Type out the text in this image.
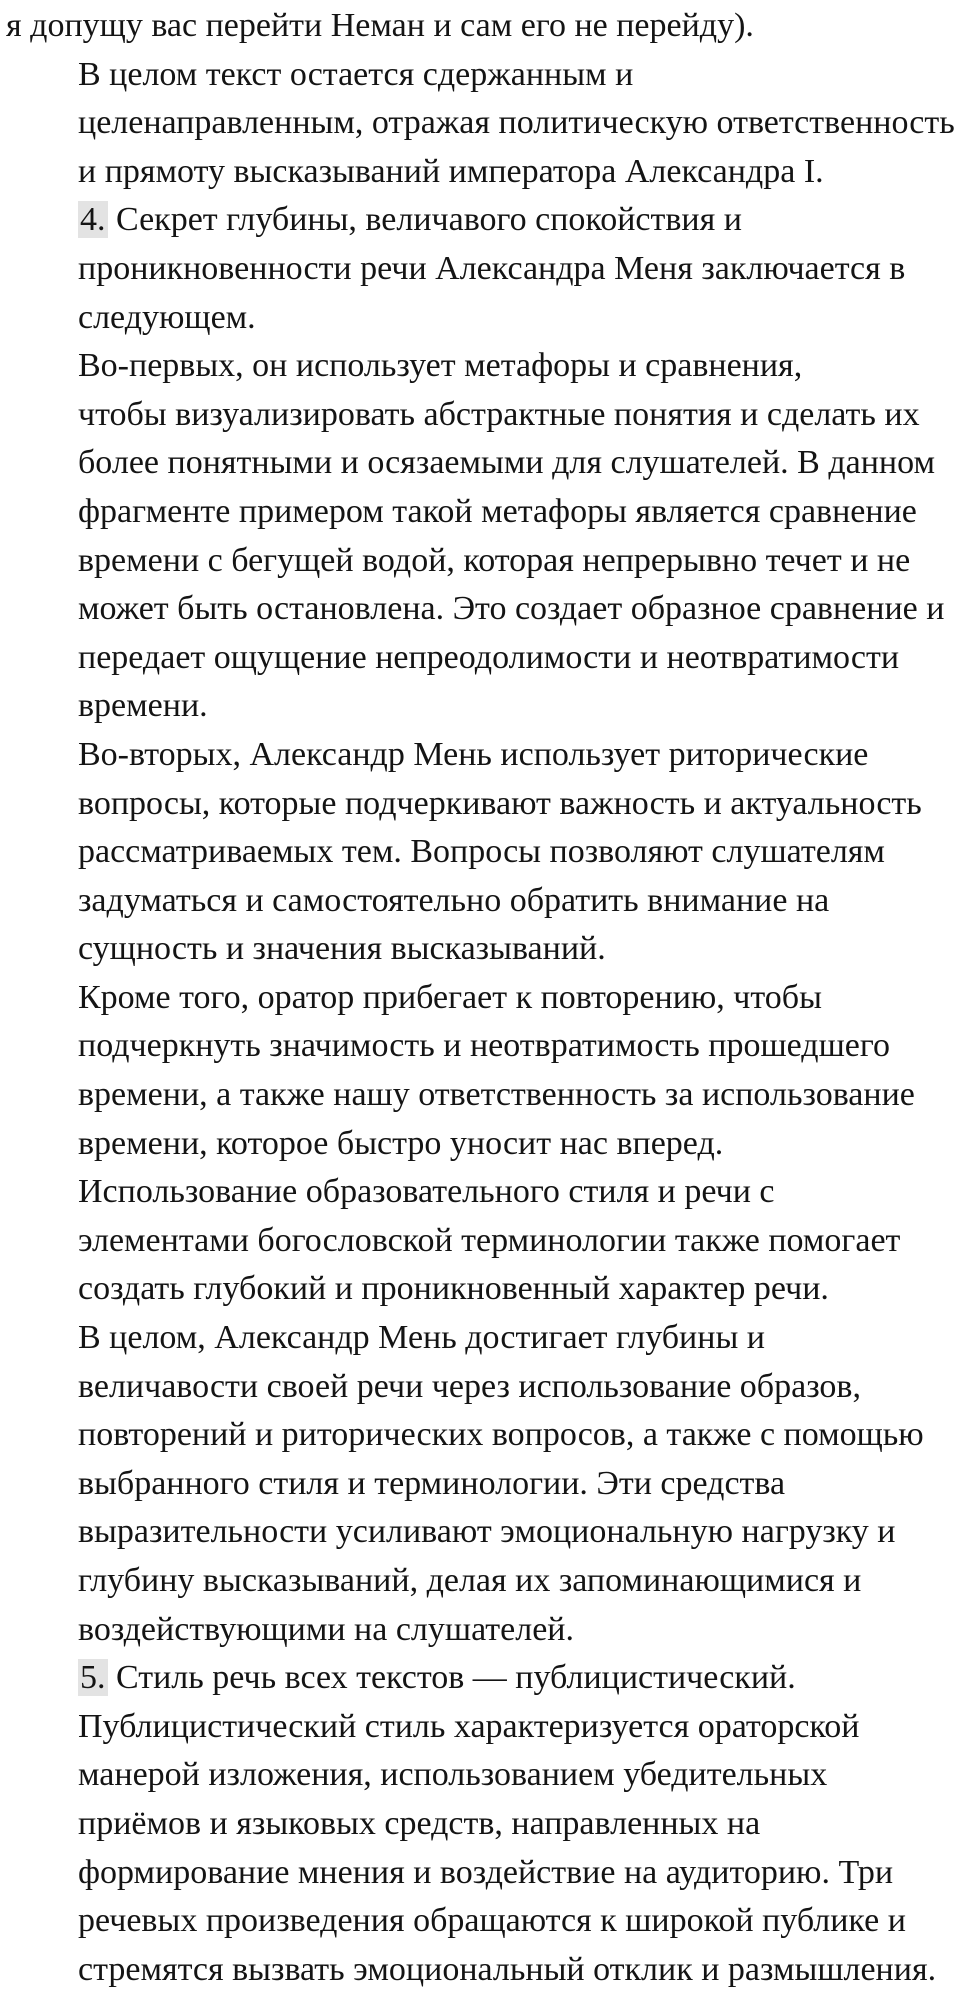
я допущу вас перейти Неман и сам его не перейду).

В целом текст остается сдержанным и
целенаправленным, отражая политическую ответственность
и прямоту высказываний императора Александра I.

4. Секрет глубины, величавого спокойствия и
проникновенности речи Александра Меня заключается в
следующем.

Во-первых, он использует метафоры и сравнения,
чтобы визуализировать абстрактные понятия и сделать их
более понятными и осязаемыми для слушателей. В данном
фрагменте примером такой метафоры является сравнение
времени с бегущей водой, которая непрерывно течет и не
может быть остановлена. Это создает образное сравнение и
передает ощущение непреодолимости и неотвратимости
времени.

Во-вторых, Александр Мень использует риторические
вопросы, которые подчеркивают важность и актуальность
рассматриваемых тем. Вопросы позволяют слушателям
задуматься и самостоятельно обратить внимание на
сущность и значения высказываний.

Кроме того, оратор прибегает к повторению, чтобы
подчеркнуть значимость и неотвратимость прошедшего
времени, а также нашу ответственность за использование
времени, которое быстро уносит нас вперед.

Использование образовательного стиля и речи с
элементами богословской терминологии также помогает
создать глубокий и проникновенный характер речи.

В целом, Александр Мень достигает глубины и
величавости своей речи через использование образов,
повторений и риторических вопросов, а также с помощью
выбранного стиля и терминологии. Эти средства
выразительности усиливают эмоциональную нагрузку и
глубину высказываний, делая их запоминающимися и
воздействующими на слушателей.

5. Стиль речь всех текстов — публицистический.
Публицистический стиль характеризуется ораторской
манерой изложения, использованием убедительных
приёмов и языковых средств, направленных на
формирование мнения и воздействие на аудиторию. Три
речевых произведения обращаются к широкой публике и
стремятся вызвать эмоциональный отклик и размышления.
